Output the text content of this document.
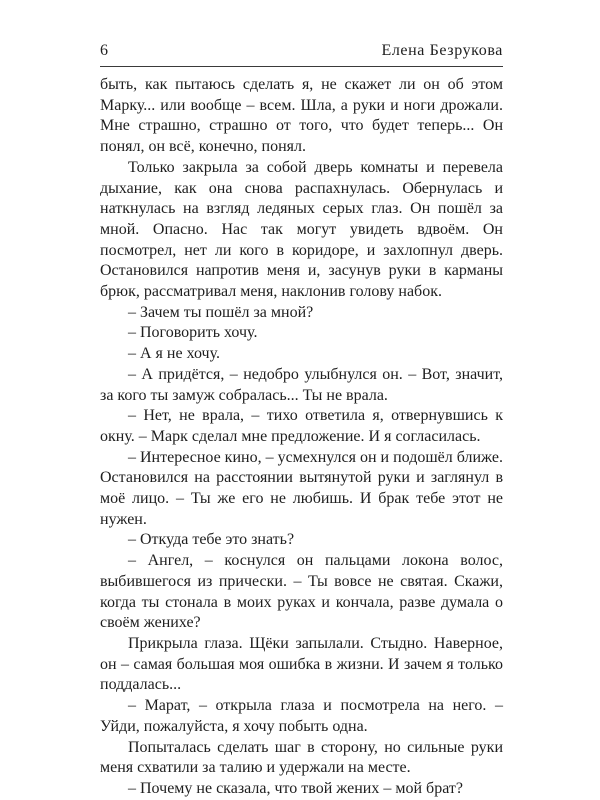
6	Елена Безрукова

быть, как пытаюсь сделать я, не скажет ли он об этом Марку... или вообще – всем. Шла, а руки и ноги дрожали. Мне страшно, страшно от того, что будет теперь... Он понял, он всё, конечно, понял.

Только закрыла за собой дверь комнаты и перевела дыхание, как она снова распахнулась. Обернулась и наткнулась на взгляд ледяных серых глаз. Он пошёл за мной. Опасно. Нас так могут увидеть вдвоём. Он посмотрел, нет ли кого в коридоре, и захлопнул дверь. Остановился напротив меня и, засунув руки в карманы брюк, рассматривал меня, наклонив голову набок.

– Зачем ты пошёл за мной?

– Поговорить хочу.

– А я не хочу.

– А придётся, – недобро улыбнулся он. – Вот, значит, за кого ты замуж собралась... Ты не врала.

– Нет, не врала, – тихо ответила я, отвернувшись к окну. – Марк сделал мне предложение. И я согласилась.

– Интересное кино, – усмехнулся он и подошёл ближе. Остановился на расстоянии вытянутой руки и заглянул в моё лицо. – Ты же его не любишь. И брак тебе этот не нужен.

– Откуда тебе это знать?

– Ангел, – коснулся он пальцами локона волос, выбившегося из прически. – Ты вовсе не святая. Скажи, когда ты стонала в моих руках и кончала, разве думала о своём женихе?

Прикрыла глаза. Щёки запылали. Стыдно. Наверное, он – самая большая моя ошибка в жизни. И зачем я только поддалась...

– Марат, – открыла глаза и посмотрела на него. – Уйди, пожалуйста, я хочу побыть одна.

Попыталась сделать шаг в сторону, но сильные руки меня схватили за талию и удержали на месте.

– Почему не сказала, что твой жених – мой брат?
